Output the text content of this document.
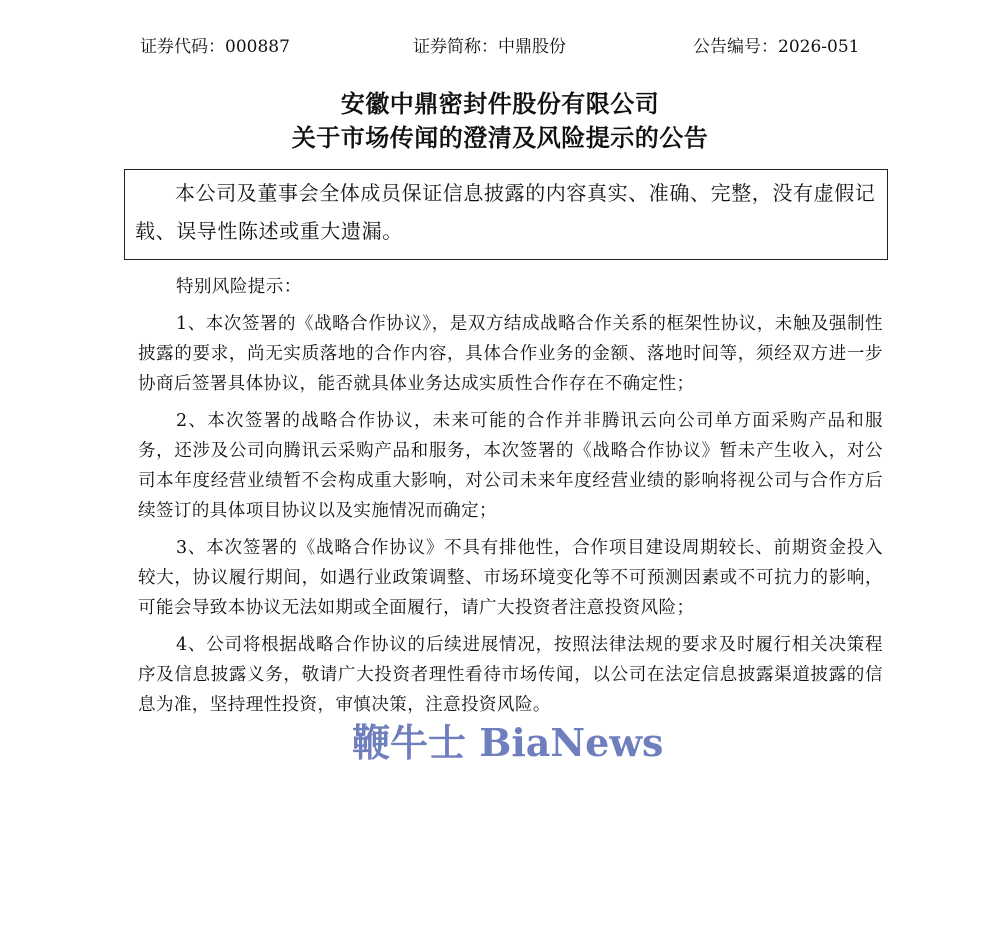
证券代码：000887	证券简称：中鼎股份	公告编号：2026-051
安徽中鼎密封件股份有限公司
关于市场传闻的澄清及风险提示的公告
本公司及董事会全体成员保证信息披露的内容真实、准确、完整，没有虚假记载、误导性陈述或重大遗漏。

特别风险提示：

1、本次签署的《战略合作协议》，是双方结成战略合作关系的框架性协议，未触及强制性披露的要求，尚无实质落地的合作内容，具体合作业务的金额、落地时间等，须经双方进一步协商后签署具体协议，能否就具体业务达成实质性合作存在不确定性；

2、本次签署的战略合作协议，未来可能的合作并非腾讯云向公司单方面采购产品和服务，还涉及公司向腾讯云采购产品和服务，本次签署的《战略合作协议》暂未产生收入，对公司本年度经营业绩暂不会构成重大影响，对公司未来年度经营业绩的影响将视公司与合作方后续签订的具体项目协议以及实施情况而确定；

3、本次签署的《战略合作协议》不具有排他性，合作项目建设周期较长、前期资金投入较大，协议履行期间，如遇行业政策调整、市场环境变化等不可预测因素或不可抗力的影响，可能会导致本协议无法如期或全面履行，请广大投资者注意投资风险；

4、公司将根据战略合作协议的后续进展情况，按照法律法规的要求及时履行相关决策程序及信息披露义务，敬请广大投资者理性看待市场传闻，以公司在法定信息披露渠道披露的信息为准，坚持理性投资，审慎决策，注意投资风险。

鞭牛士 BiaNews
